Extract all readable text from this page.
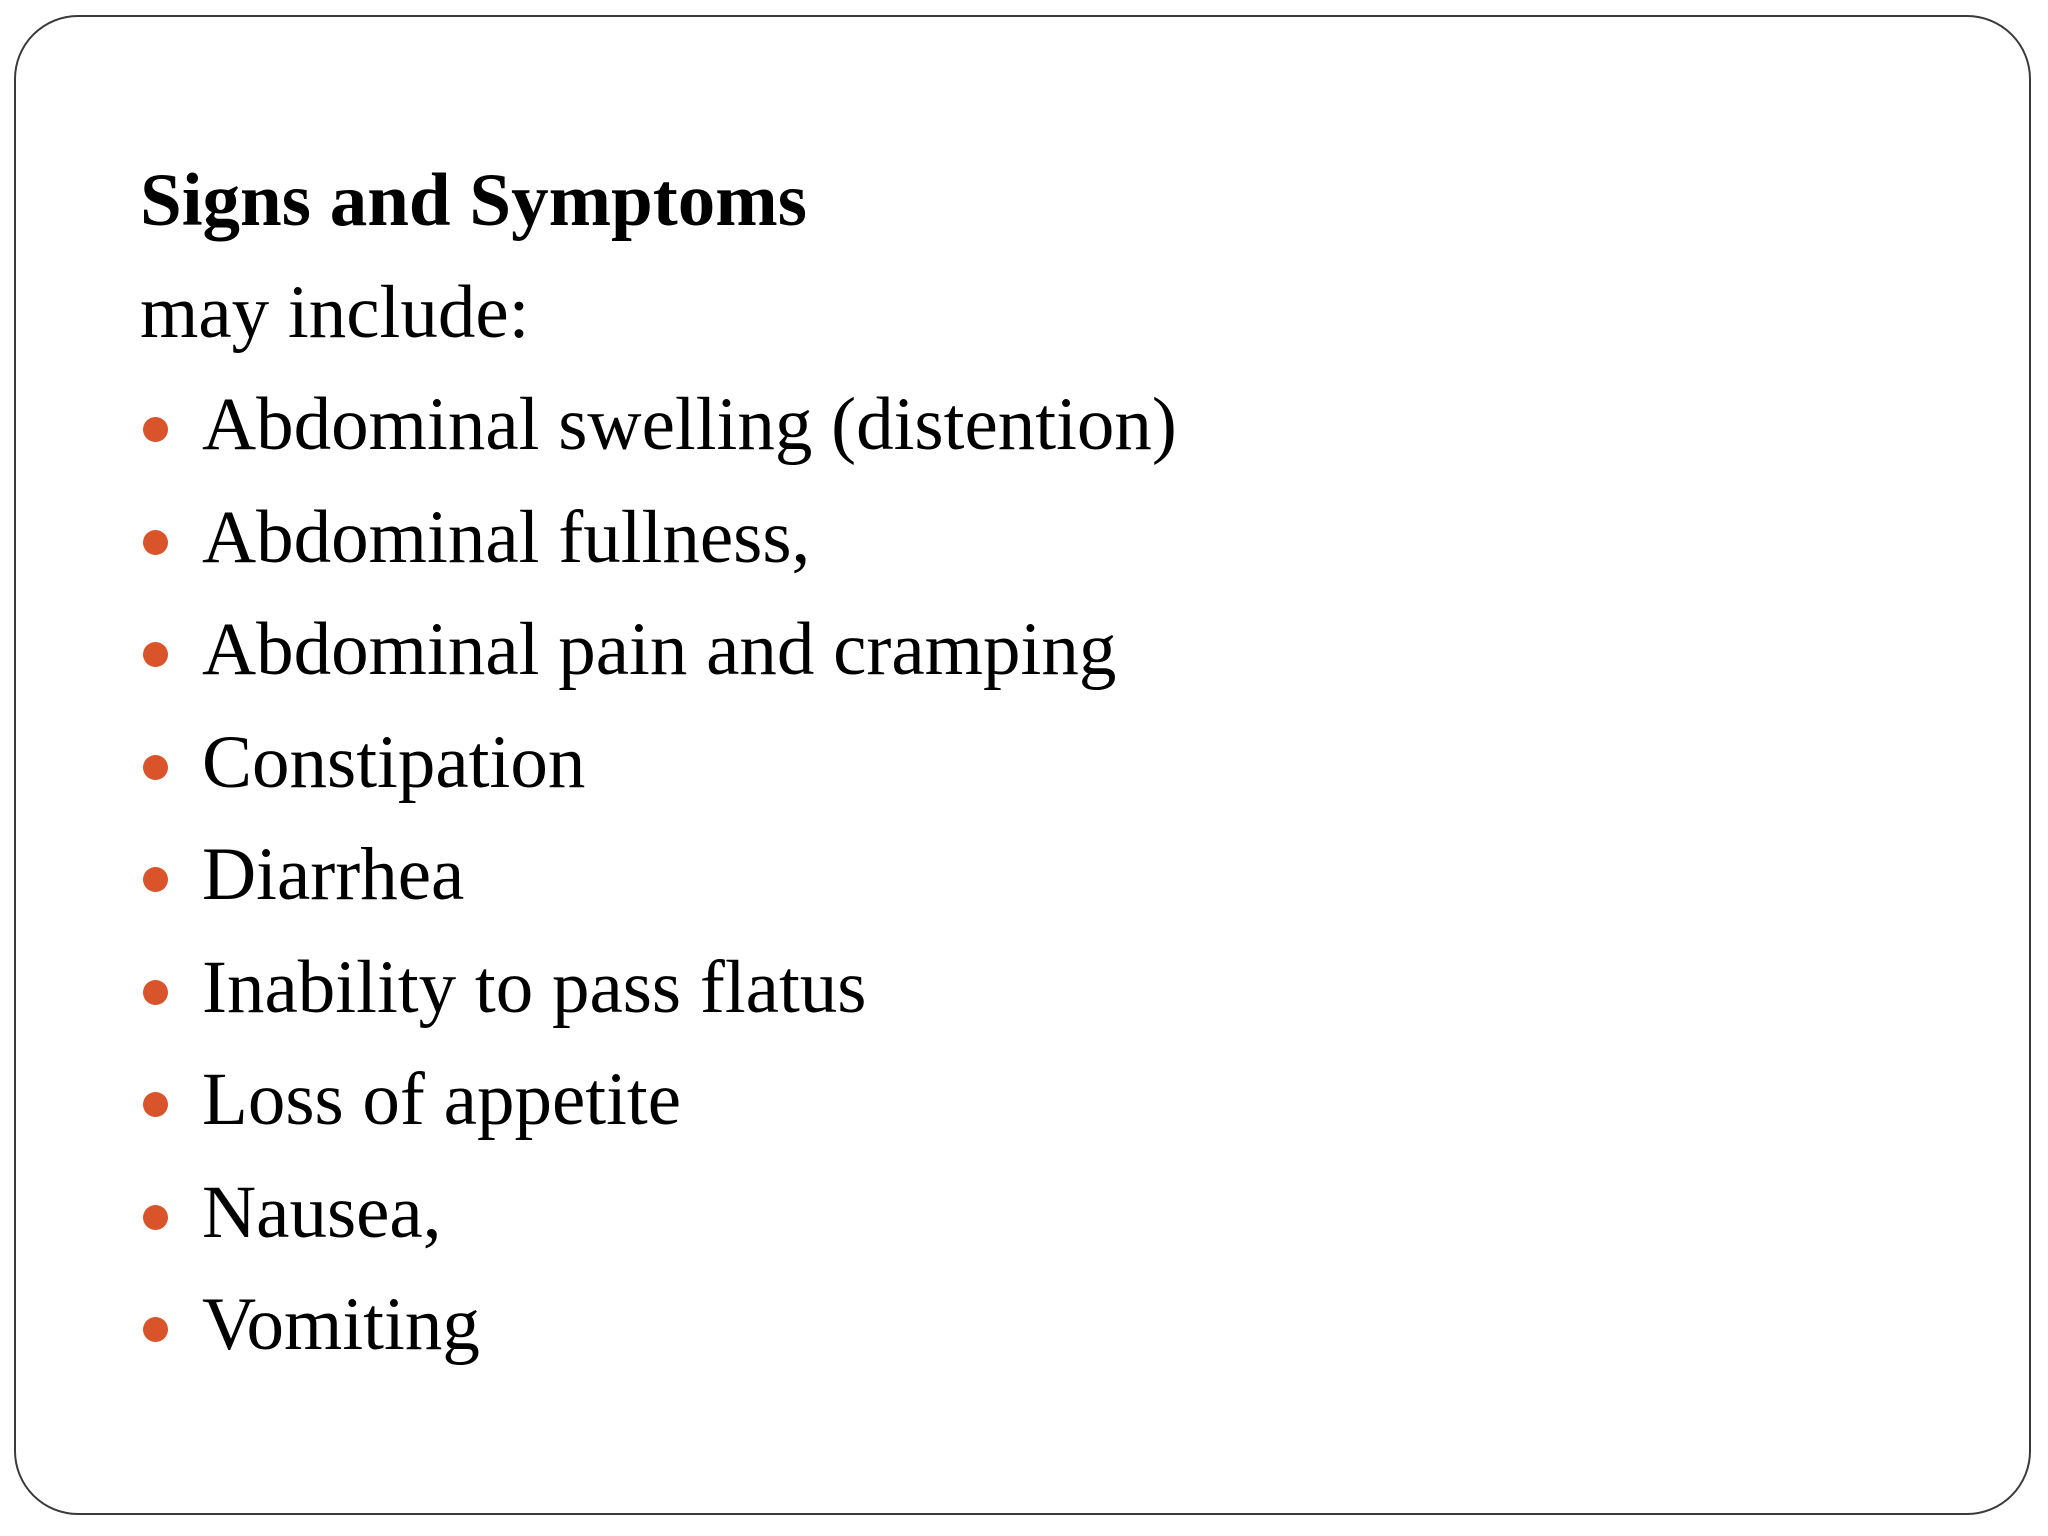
Signs and Symptoms

may include:

Abdominal swelling (distention)
Abdominal fullness,
Abdominal pain and cramping
Constipation
Diarrhea
Inability to pass flatus
Loss of appetite
Nausea,
Vomiting
